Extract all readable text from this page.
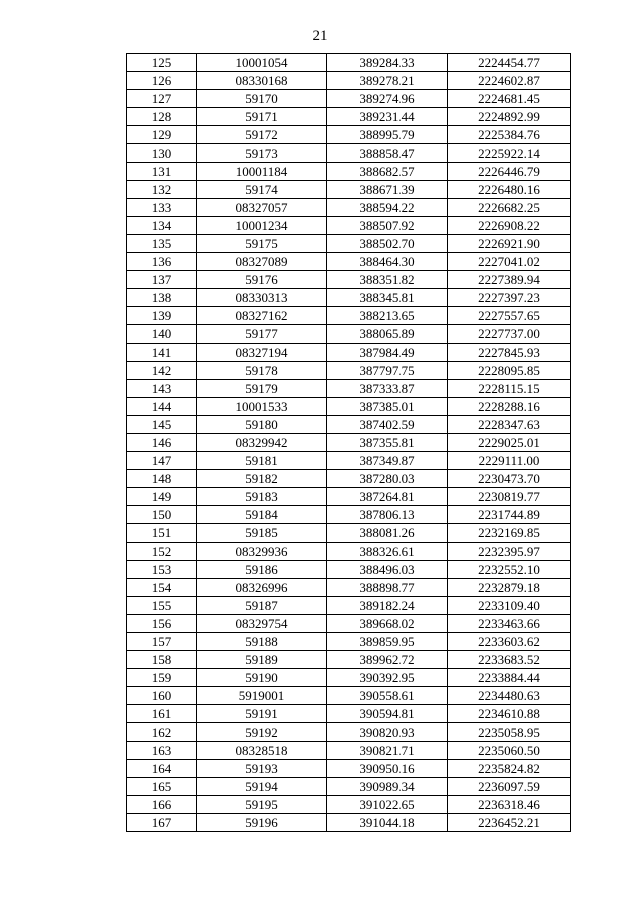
21
125	10001054	389284.33	2224454.77
126	08330168	389278.21	2224602.87
127	59170	389274.96	2224681.45
128	59171	389231.44	2224892.99
129	59172	388995.79	2225384.76
130	59173	388858.47	2225922.14
131	10001184	388682.57	2226446.79
132	59174	388671.39	2226480.16
133	08327057	388594.22	2226682.25
134	10001234	388507.92	2226908.22
135	59175	388502.70	2226921.90
136	08327089	388464.30	2227041.02
137	59176	388351.82	2227389.94
138	08330313	388345.81	2227397.23
139	08327162	388213.65	2227557.65
140	59177	388065.89	2227737.00
141	08327194	387984.49	2227845.93
142	59178	387797.75	2228095.85
143	59179	387333.87	2228115.15
144	10001533	387385.01	2228288.16
145	59180	387402.59	2228347.63
146	08329942	387355.81	2229025.01
147	59181	387349.87	2229111.00
148	59182	387280.03	2230473.70
149	59183	387264.81	2230819.77
150	59184	387806.13	2231744.89
151	59185	388081.26	2232169.85
152	08329936	388326.61	2232395.97
153	59186	388496.03	2232552.10
154	08326996	388898.77	2232879.18
155	59187	389182.24	2233109.40
156	08329754	389668.02	2233463.66
157	59188	389859.95	2233603.62
158	59189	389962.72	2233683.52
159	59190	390392.95	2233884.44
160	5919001	390558.61	2234480.63
161	59191	390594.81	2234610.88
162	59192	390820.93	2235058.95
163	08328518	390821.71	2235060.50
164	59193	390950.16	2235824.82
165	59194	390989.34	2236097.59
166	59195	391022.65	2236318.46
167	59196	391044.18	2236452.21
